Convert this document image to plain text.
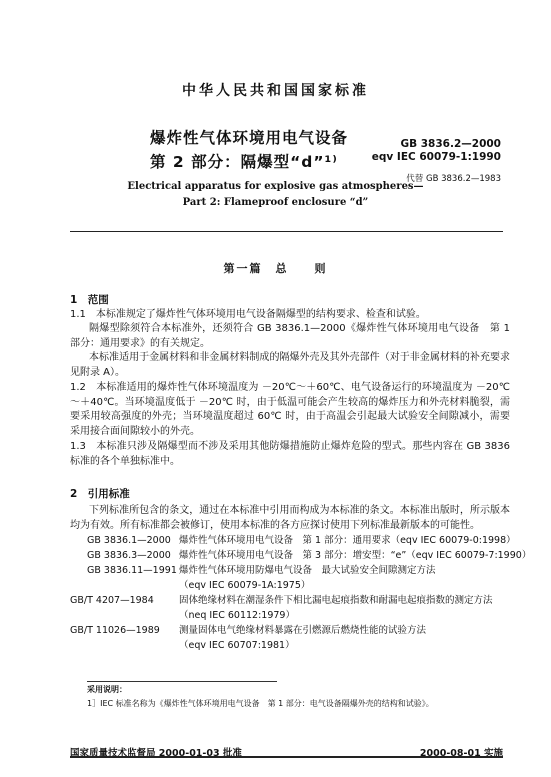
中华人民共和国国家标准
爆炸性气体环境用电气设备
第 2 部分：隔爆型“d”¹⁾
GB 3836.2—2000
eqv IEC 60079-1:1990
代替 GB 3836.2—1983
Electrical apparatus for explosive gas atmospheres—
Part 2: Flameproof enclosure “d”
第一篇　总　　则
1　范围
1.1　本标准规定了爆炸性气体环境用电气设备隔爆型的结构要求、检查和试验。
隔爆型除须符合本标准外，还须符合 GB 3836.1—2000《爆炸性气体环境用电气设备　第 1 部分：通用要求》的有关规定。
本标准适用于金属材料和非金属材料制成的隔爆外壳及其外壳部件（对于非金属材料的补充要求见附录 A）。
1.2　本标准适用的爆炸性气体环境温度为 －20℃～＋60℃、电气设备运行的环境温度为 －20℃～＋40℃。当环境温度低于 －20℃ 时，由于低温可能会产生较高的爆炸压力和外壳材料脆裂，需要采用较高强度的外壳；当环境温度超过 60℃ 时，由于高温会引起最大试验安全间隙减小，需要采用接合面间隙较小的外壳。
1.3　本标准只涉及隔爆型而不涉及采用其他防爆措施防止爆炸危险的型式。那些内容在 GB 3836 标准的各个单独标准中。
2　引用标准
下列标准所包含的条文，通过在本标准中引用而构成为本标准的条文。本标准出版时，所示版本均为有效。所有标准都会被修订，使用本标准的各方应探讨使用下列标准最新版本的可能性。
GB 3836.1—2000 爆炸性气体环境用电气设备　第 1 部分：通用要求（eqv IEC 60079-0:1998）
GB 3836.3—2000 爆炸性气体环境用电气设备　第 3 部分：增安型：“e”（eqv IEC 60079-7:1990）
GB 3836.11—1991 爆炸性气体环境用防爆电气设备　最大试验安全间隙测定方法
（eqv IEC 60079-1A:1975）
GB/T 4207—1984	固体绝缘材料在潮湿条件下相比漏电起痕指数和耐漏电起痕指数的测定方法
（neq IEC 60112:1979）
GB/T 11026—1989	测量固体电气绝缘材料暴露在引燃源后燃烧性能的试验方法
（eqv IEC 60707:1981）
采用说明：
1］IEC 标准名称为《爆炸性气体环境用电气设备　第 1 部分：电气设备隔爆外壳的结构和试验》。
国家质量技术监督局 2000-01-03 批准	2000-08-01 实施
